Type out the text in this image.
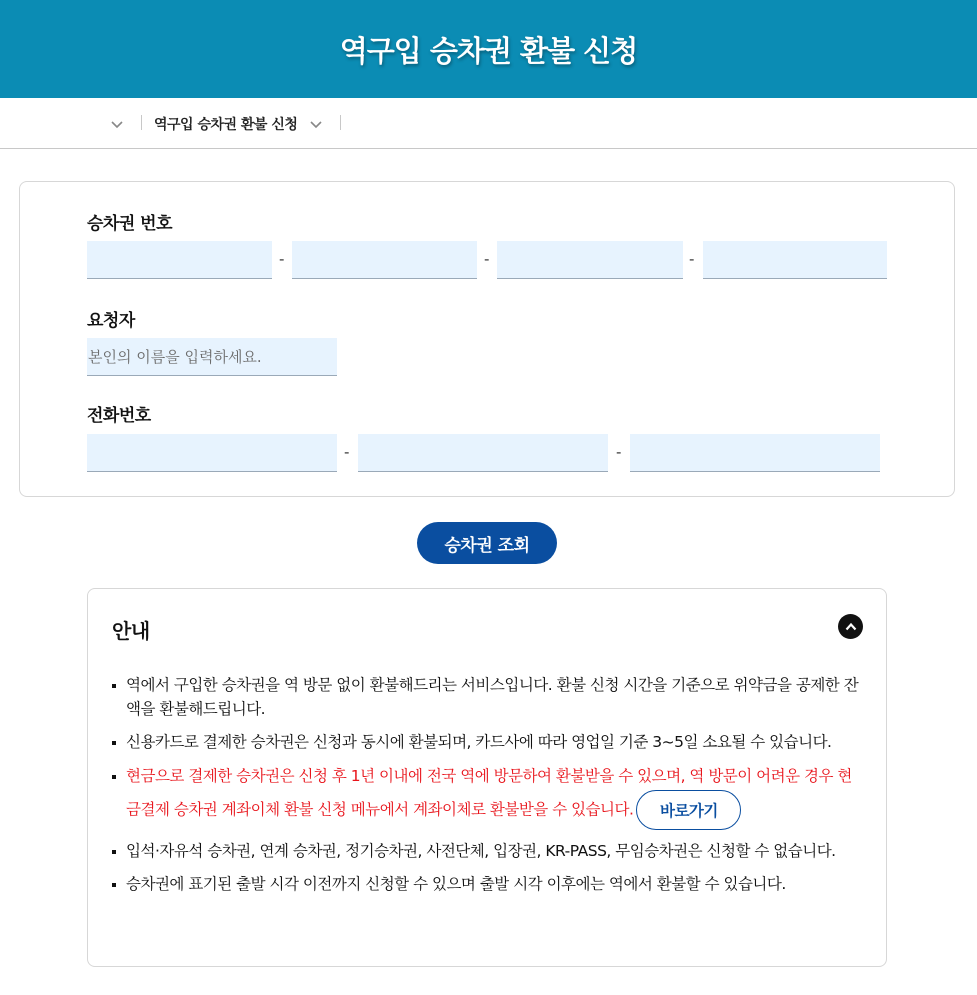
역구입 승차권 환불 신청
역구입 승차권 환불 신청
승차권 번호
-	-	-
요청자
본인의 이름을 입력하세요.
전화번호
-	-
승차권 조회
안내
역에서 구입한 승차권을 역 방문 없이 환불해드리는 서비스입니다. 환불 신청 시간을 기준으로 위약금을 공제한 잔액을 환불해드립니다.
신용카드로 결제한 승차권은 신청과 동시에 환불되며, 카드사에 따라 영업일 기준 3~5일 소요될 수 있습니다.
현금으로 결제한 승차권은 신청 후 1년 이내에 전국 역에 방문하여 환불받을 수 있으며, 역 방문이 어려운 경우 현금결제 승차권 계좌이체 환불 신청 메뉴에서 계좌이체로 환불받을 수 있습니다. 바로가기
입석·자유석 승차권, 연계 승차권, 정기승차권, 사전단체, 입장권, KR-PASS, 무임승차권은 신청할 수 없습니다.
승차권에 표기된 출발 시각 이전까지 신청할 수 있으며 출발 시각 이후에는 역에서 환불할 수 있습니다.
